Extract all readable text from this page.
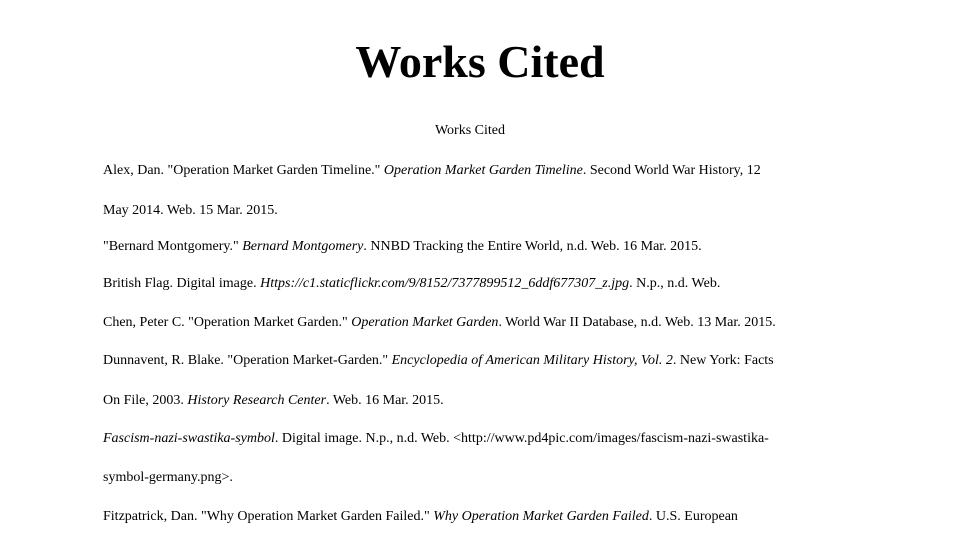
Works Cited
Works Cited
Alex, Dan. "Operation Market Garden Timeline." Operation Market Garden Timeline. Second World War History, 12
May 2014. Web. 15 Mar. 2015.
"Bernard Montgomery." Bernard Montgomery. NNBD Tracking the Entire World, n.d. Web. 16 Mar. 2015.
British Flag. Digital image. Https://c1.staticflickr.com/9/8152/7377899512_6ddf677307_z.jpg. N.p., n.d. Web.
Chen, Peter C. "Operation Market Garden." Operation Market Garden. World War II Database, n.d. Web. 13 Mar. 2015.
Dunnavent, R. Blake. "Operation Market-Garden." Encyclopedia of American Military History, Vol. 2. New York: Facts
On File, 2003. History Research Center. Web. 16 Mar. 2015.
Fascism-nazi-swastika-symbol. Digital image. N.p., n.d. Web. <http://www.pd4pic.com/images/fascism-nazi-swastika-
symbol-germany.png>.
Fitzpatrick, Dan. "Why Operation Market Garden Failed." Why Operation Market Garden Failed. U.S. European
